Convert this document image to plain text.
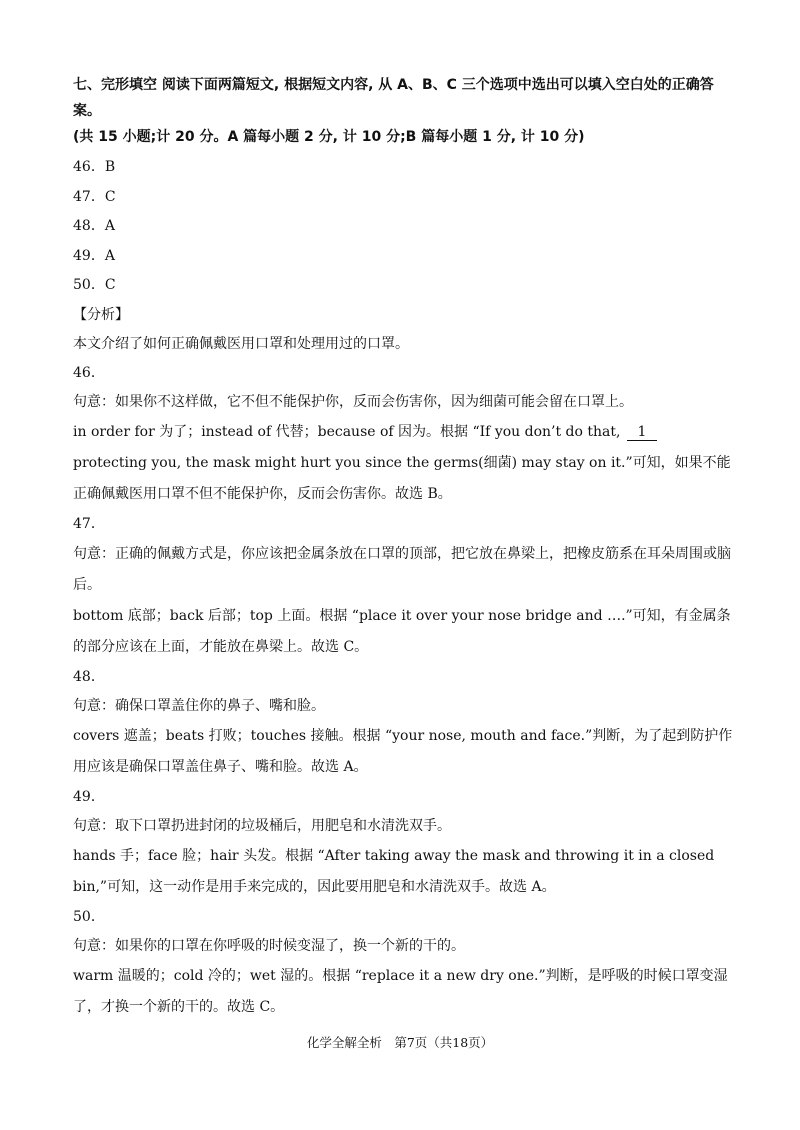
七、完形填空 阅读下面两篇短文, 根据短文内容, 从 A、B、C 三个选项中选出可以填入空白处的正确答案。

(共 15 小题;计 20 分。A 篇每小题 2 分, 计 10 分;B 篇每小题 1 分, 计 10 分)

46．B

47．C

48．A

49．A

50．C

【分析】

本文介绍了如何正确佩戴医用口罩和处理用过的口罩。

46．

句意：如果你不这样做，它不但不能保护你，反而会伤害你，因为细菌可能会留在口罩上。

in order for 为了；instead of 代替；because of 因为。根据 “If you don’t do that, 1 protecting you, the mask might hurt you since the germs(细菌) may stay on it.”可知，如果不能正确佩戴医用口罩不但不能保护你，反而会伤害你。故选 B。

47．

句意：正确的佩戴方式是，你应该把金属条放在口罩的顶部，把它放在鼻梁上，把橡皮筋系在耳朵周围或脑后。

bottom 底部；back 后部；top 上面。根据 “place it over your nose bridge and ….”可知，有金属条的部分应该在上面，才能放在鼻梁上。故选 C。

48．

句意：确保口罩盖住你的鼻子、嘴和脸。

covers 遮盖；beats 打败；touches 接触。根据 “your nose, mouth and face.”判断，为了起到防护作用应该是确保口罩盖住鼻子、嘴和脸。故选 A。

49．

句意：取下口罩扔进封闭的垃圾桶后，用肥皂和水清洗双手。

hands 手；face 脸；hair 头发。根据 “After taking away the mask and throwing it in a closed bin,”可知，这一动作是用手来完成的，因此要用肥皂和水清洗双手。故选 A。

50．

句意：如果你的口罩在你呼吸的时候变湿了，换一个新的干的。

warm 温暖的；cold 冷的；wet 湿的。根据 “replace it a new dry one.”判断，是呼吸的时候口罩变湿了，才换一个新的干的。故选 C。

化学全解全析　第7页（共18页）
